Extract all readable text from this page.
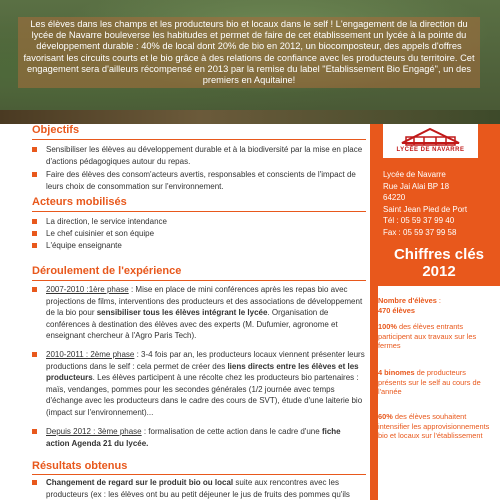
Les élèves dans les champs et les producteurs bio et locaux dans le self ! L'engagement de la direction du lycée de Navarre bouleverse les habitudes et permet de faire de cet établissement un lycée à la pointe du développement durable : 40% de local dont 20% de bio en 2012, un biocomposteur, des appels d'offres favorisant les circuits courts et le bio grâce à des relations de confiance avec les producteurs du territoire. Cet engagement sera d'ailleurs récompensé en 2013 par la remise du label "Etablissement Bio Engagé", un des premiers en Aquitaine!
Objectifs
Sensibiliser les élèves au développement durable et à la biodiversité par la mise en place d'actions pédagogiques autour du repas.
Faire des élèves des consom'acteurs avertis, responsables et conscients de l'impact de leurs choix de consommation sur l'environnement.
Acteurs mobilisés
La direction, le service intendance
Le chef cuisinier et son équipe
L'équipe enseignante
Déroulement de l'expérience
2007-2010 :1ère phase : Mise en place de mini conférences après les repas bio avec projections de films, interventions des producteurs et des associations de développement de la bio pour sensibiliser tous les élèves intégrant le lycée. Organisation de conférences à destination des élèves avec des experts (M. Dufumier, agronome et enseignant chercheur à l'Agro Paris Tech).
2010-2011 : 2ème phase : 3-4 fois par an, les producteurs locaux viennent présenter leurs productions dans le self : cela permet de créer des liens directs entre les élèves et les producteurs. Les élèves participent à une récolte chez les producteurs bio partenaires : maïs, vendanges, pommes pour les secondes générales (1/2 journée avec temps d'échange avec les producteurs dans le cadre des cours de SVT), étude d'une laiterie bio (impact sur l'environnement)...
Depuis 2012 : 3ème phase : formalisation de cette action dans le cadre d'une fiche action Agenda 21 du lycée.
Résultats obtenus
Changement de regard sur le produit bio ou local suite aux rencontres avec les producteurs (ex : les élèves ont bu au petit déjeuner le jus de fruits des pommes qu'ils
LYCÉE DE NAVARRE
Lycée de Navarre
Rue Jai Alai BP 18
64220
Saint Jean Pied de Port
Tél : 05 59 37 99 40
Fax : 05 59 37 99 58
Chiffres clés
2012
Nombre d'élèves :
470 élèves
100% des élèves entrants participent aux travaux sur les fermes
4 binomes de producteurs présents sur le self au cours de l'année
60% des élèves souhaitent intensifier les approvisionnements bio et locaux sur l'établissement
